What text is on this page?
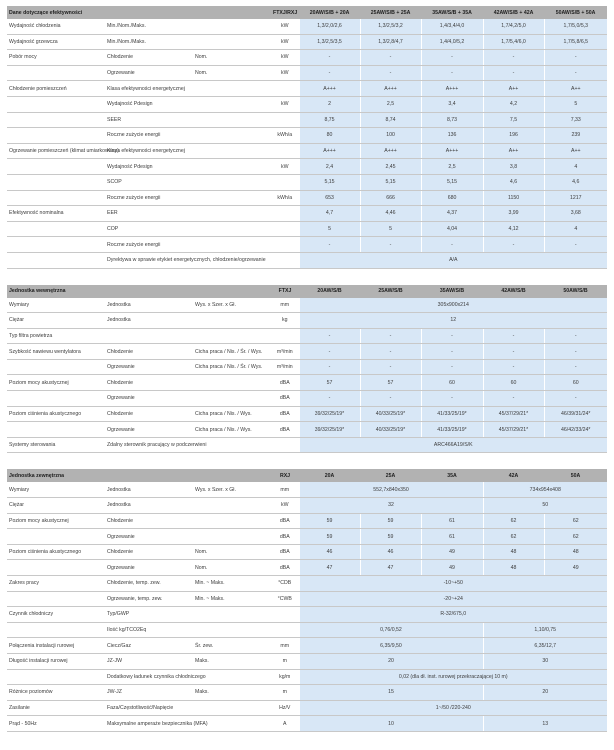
Dane dotyczące efektywności			FTXJ/RXJ	20AW/S/B + 20A	25AW/S/B + 25A	35AW/S/B + 35A	42AW/S/B + 42A	50AW/S/B + 50A
Wydajność chłodzenia	Min./Nom./Maks.		kW	1,3/2,0/2,6	1,3/2,5/3,2	1,4/3,4/4,0	1,7/4,2/5,0	1,7/5,0/5,3
Wydajność grzewcza	Min./Nom./Maks.		kW	1,3/2,5/3,5	1,3/2,8/4,7	1,4/4,0/5,2	1,7/5,4/6,0	1,7/5,8/6,5
Pobór mocy	Chłodzenie	Nom.	kW	-	-	-	-	-
	Ogrzewanie	Nom.	kW	-	-	-	-	-
Chłodzenie pomieszczeń	Klasa efektywności energetycznej			A+++	A+++	A+++	A++	A++
	Wydajność Pdesign		kW	2	2,5	3,4	4,2	5
	SEER			8,75	8,74	8,73	7,5	7,33
	Roczne zużycie energii		kWh/a	80	100	136	196	239
Ogrzewanie pomieszczeń (klimat umiarkowany)	Klasa efektywności energetycznej			A+++	A+++	A+++	A++	A++
	Wydajność Pdesign		kW	2,4	2,45	2,5	3,8	4
	SCOP			5,15	5,15	5,15	4,6	4,6
	Roczne zużycie energii		kWh/a	653	666	680	1150	1217
Efektywność nominalna	EER			4,7	4,46	4,37	3,99	3,68
	COP			5	5	4,04	4,12	4
	Roczne zużycie energii			-	-	-	-	-
	Dyrektywa w sprawie etykiet energetycznych, chłodzenie/ogrzewanie			A/A				
Jednostka wewnętrzna			FTXJ	20AW/S/B	25AW/S/B	35AW/S/B	42AW/S/B	50AW/S/B
Wymiary	Jednostka	Wys. x Szer. x Gł.	mm	305x900x214				
Ciężar	Jednostka		kg	12				
Typ filtra powietrza				-	-	-	-	-
Szybkość nawiewu wentylatora	Chłodzenie	Cicha praca / Nis. / Śr. / Wys.	m³/min	-	-	-	-	-
	Ogrzewanie	Cicha praca / Nis. / Śr. / Wys.	m³/min	-	-	-	-	-
Poziom mocy akustycznej	Chłodzenie		dBA	57	57	60	60	60
	Ogrzewanie		dBA	-	-	-	-	-
Poziom ciśnienia akustycznego	Chłodzenie	Cicha praca / Nis. / Wys.	dBA	39/32/25/19*	40/33/25/19*	41/33/25/19*	45/37/29/21*	46/39/31/24*
	Ogrzewanie	Cicha praca / Nis. / Wys.	dBA	39/32/25/19*	40/33/25/19*	41/33/25/19*	45/37/29/21*	46/42/33/24*
Systemy sterowania	Zdalny sterownik pracujący w podczerwieni			ARC466A19/S/K				
Jednostka zewnętrzna			RXJ	20A	25A	35A	42A	50A
Wymiary	Jednostka	Wys. x Szer. x Gł.	mm	552,7x840x350			734x954x408	
Ciężar	Jednostka		kW	32			50	
Poziom mocy akustycznej	Chłodzenie		dBA	59	59	61	62	62
	Ogrzewanie		dBA	59	59	61	62	62
Poziom ciśnienia akustycznego	Chłodzenie	Nom.	dBA	46	46	49	48	48
	Ogrzewanie	Nom.	dBA	47	47	49	48	49
Zakres pracy	Chłodzenie, temp. zew.	Min. ~ Maks.	°CDB	-10~+50				
	Ogrzewanie, temp. zew.	Min. ~ Maks.	°CWB	-20~+24				
Czynnik chłodniczy	Typ/GWP			R-32/675,0				
	Ilość kg/TCO2Eq			0,76/0,52			1,10/0,75	
Połączenia instalacji rurowej	Ciecz/Gaz	Śr. zew.	mm	6,35/9,50			6,35/12,7	
Długość instalacji rurowej	JZ-JW	Maks.	m	20			30	
	Dodatkowy ładunek czynnika chłodniczego		kg/m	0,02 (dla dł. inst. rurowej przekraczającej 10 m)				
Różnice poziomów	JW-JZ	Maks.	m	15			20	
Zasilanie	Faza/Częstotliwość/Napięcie		Hz/V	1~/50 /220-240				
Prąd - 50Hz	Maksymalne amperaże bezpiecznika (MFA)		A	10			13	
